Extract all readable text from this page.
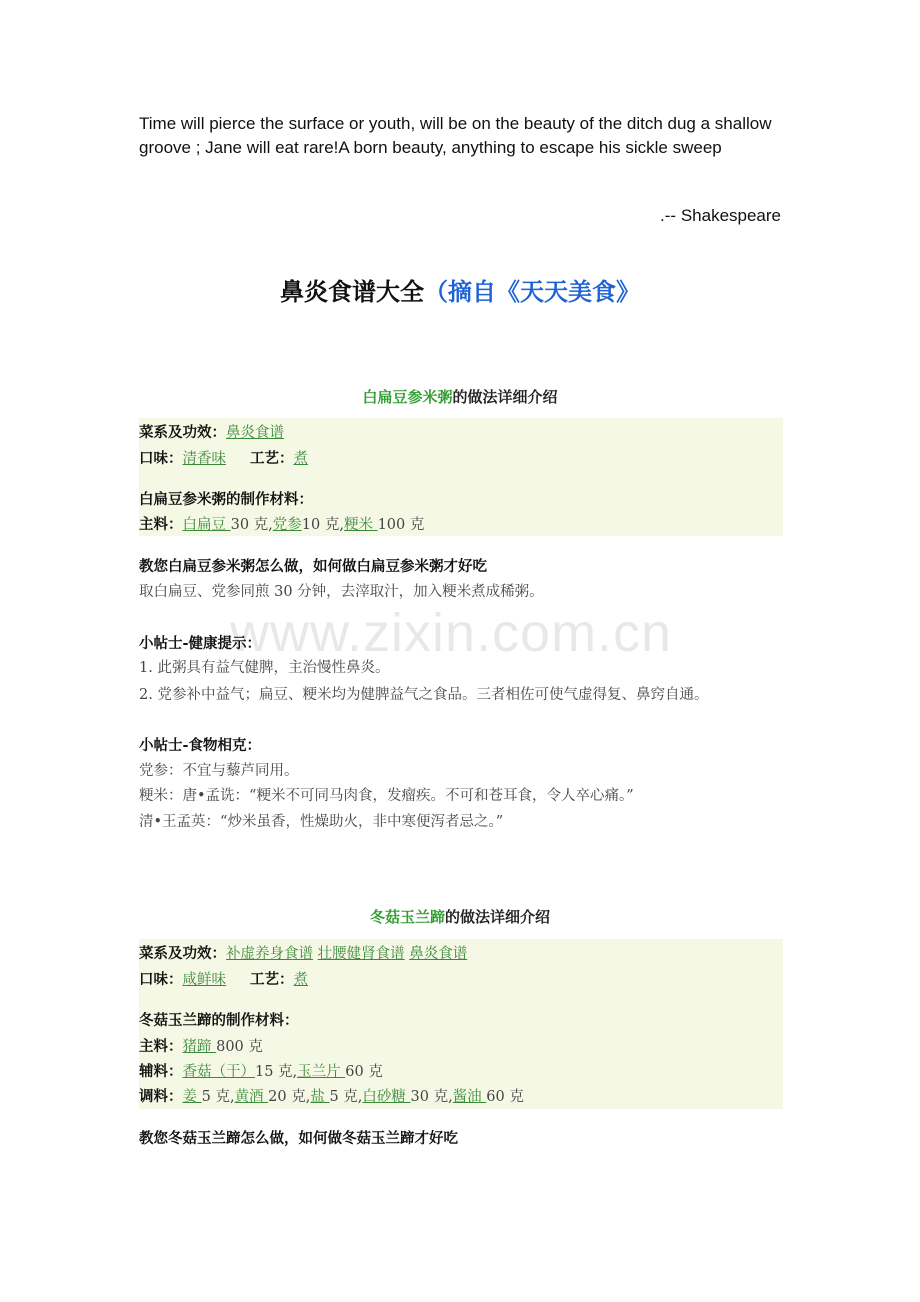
Time will pierce the surface or youth, will be on the beauty of the ditch dug a shallow groove ; Jane will eat rare!A born beauty, anything to escape his sickle sweep
.-- Shakespeare
鼻炎食谱大全（摘自《天天美食》
www.zixin.com.cn
白扁豆参米粥的做法详细介绍
菜系及功效：鼻炎食谱
口味：清香味 工艺：煮
白扁豆参米粥的制作材料：
主料：白扁豆 30 克,党参10 克,粳米 100 克
教您白扁豆参米粥怎么做，如何做白扁豆参米粥才好吃
取白扁豆、党参同煎 30 分钟，去滓取汁，加入粳米煮成稀粥。
小帖士-健康提示：
1. 此粥具有益气健脾，主治慢性鼻炎。
2. 党参补中益气；扁豆、粳米均为健脾益气之食品。三者相佐可使气虚得复、鼻窍自通。
小帖士-食物相克：
党参：不宜与藜芦同用。
粳米：唐•孟诜：“粳米不可同马肉食，发瘤疾。不可和苍耳食，令人卒心痛。”
清•王孟英：“炒米虽香，性燥助火，非中寒便泻者忌之。”
冬菇玉兰蹄的做法详细介绍
菜系及功效：补虚养身食谱 壮腰健肾食谱 鼻炎食谱
口味：咸鲜味 工艺：煮
冬菇玉兰蹄的制作材料：
主料：猪蹄 800 克
辅料：香菇（干）15 克,玉兰片 60 克
调料：姜 5 克,黄酒 20 克,盐 5 克,白砂糖 30 克,酱油 60 克
教您冬菇玉兰蹄怎么做，如何做冬菇玉兰蹄才好吃
